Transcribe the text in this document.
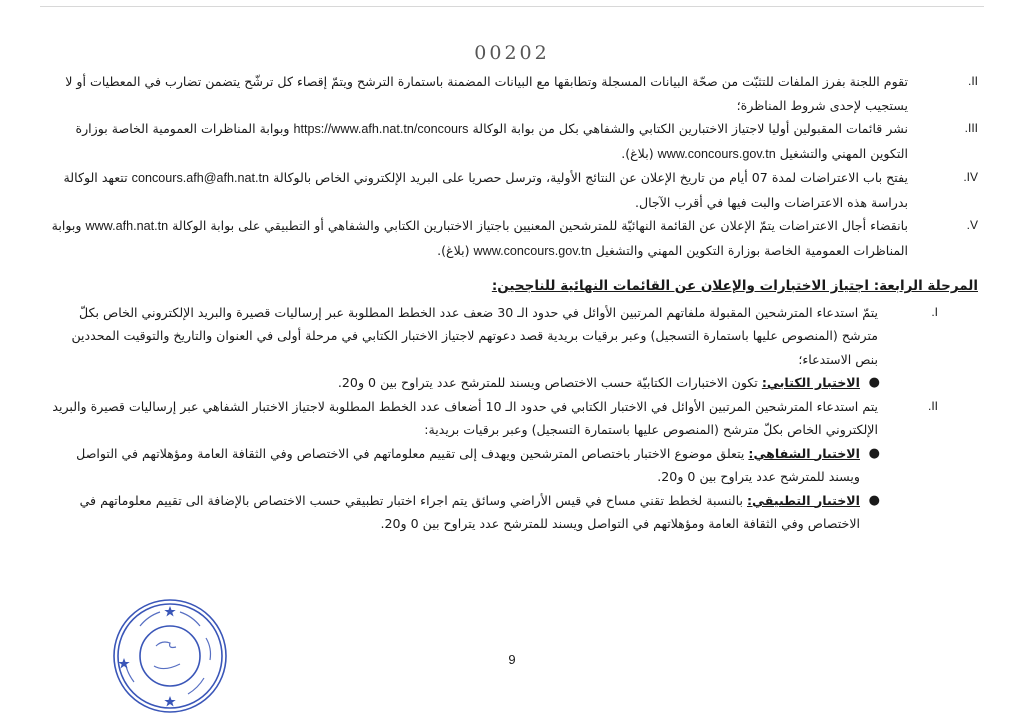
00202
.II
تقوم اللجنة بفرز الملفات للتثبّت من صحّة البيانات المسجلة وتطابقها مع البيانات المضمنة باستمارة الترشح ويتمّ إقصاء كل ترشّح يتضمن تضارب في المعطيات أو لا يستجيب لإحدى شروط المناظرة؛
.III
نشر قائمات المقبولين أوليا لاجتياز الاختبارين الكتابي والشفاهي بكل من بوابة الوكالة https://www.afh.nat.tn/concours وبوابة المناظرات العمومية الخاصة بوزارة التكوين المهني والتشغيل www.concours.gov.tn (بلاغ).
.IV
يفتح باب الاعتراضات لمدة 07 أيام من تاريخ الإعلان عن النتائج الأولية، وترسل حصريا على البريد الإلكتروني الخاص بالوكالة concours.afh@afh.nat.tn تتعهد الوكالة بدراسة هذه الاعتراضات والبت فيها في أقرب الآجال.
.V
بانقضاء أجال الاعتراضات يتمّ الإعلان عن القائمة النهائيّة للمترشحين المعنيين باجتياز الاختبارين الكتابي والشفاهي أو التطبيقي على بوابة الوكالة www.afh.nat.tn وبوابة المناظرات العمومية الخاصة بوزارة التكوين المهني والتشغيل www.concours.gov.tn (بلاغ).
المرحلة الرابعة: اجتياز الاختبارات والإعلان عن القائمات النهائية للناجحين:
.I
يتمّ استدعاء المترشحين المقبولة ملفاتهم المرتبين الأوائل في حدود الـ 30 ضعف عدد الخطط المطلوبة عبر إرساليات قصيرة والبريد الإلكتروني الخاص بكلّ مترشح (المنصوص عليها باستمارة التسجيل) وعبر برقيات بريدية قصد دعوتهم لاجتياز الاختبار الكتابي في مرحلة أولى في العنوان والتاريخ والتوقيت المحددين بنص الاستدعاء؛
●
الاختبار الكتابي: تكون الاختبارات الكتابيّة حسب الاختصاص ويسند للمترشح عدد يتراوح بين 0 و20.
.II
يتم استدعاء المترشحين المرتبين الأوائل في الاختبار الكتابي في حدود الـ 10 أضعاف عدد الخطط المطلوبة لاجتياز الاختبار الشفاهي عبر إرساليات قصيرة والبريد الإلكتروني الخاص بكلّ مترشح (المنصوص عليها باستمارة التسجيل) وعبر برقيات بريدية:
●
الاختبار الشفاهي: يتعلق موضوع الاختبار باختصاص المترشحين ويهدف إلى تقييم معلوماتهم في الاختصاص وفي الثقافة العامة ومؤهلاتهم في التواصل ويسند للمترشح عدد يتراوح بين 0 و20.
●
الاختبار التطبيقي: بالنسبة لخطط تقني مساح في قيس الأراضي وسائق يتم اجراء اختبار تطبيقي حسب الاختصاص بالإضافة الى تقييم معلوماتهم في الاختصاص وفي الثقافة العامة ومؤهلاتهم في التواصل ويسند للمترشح عدد يتراوح بين 0 و20.
9
